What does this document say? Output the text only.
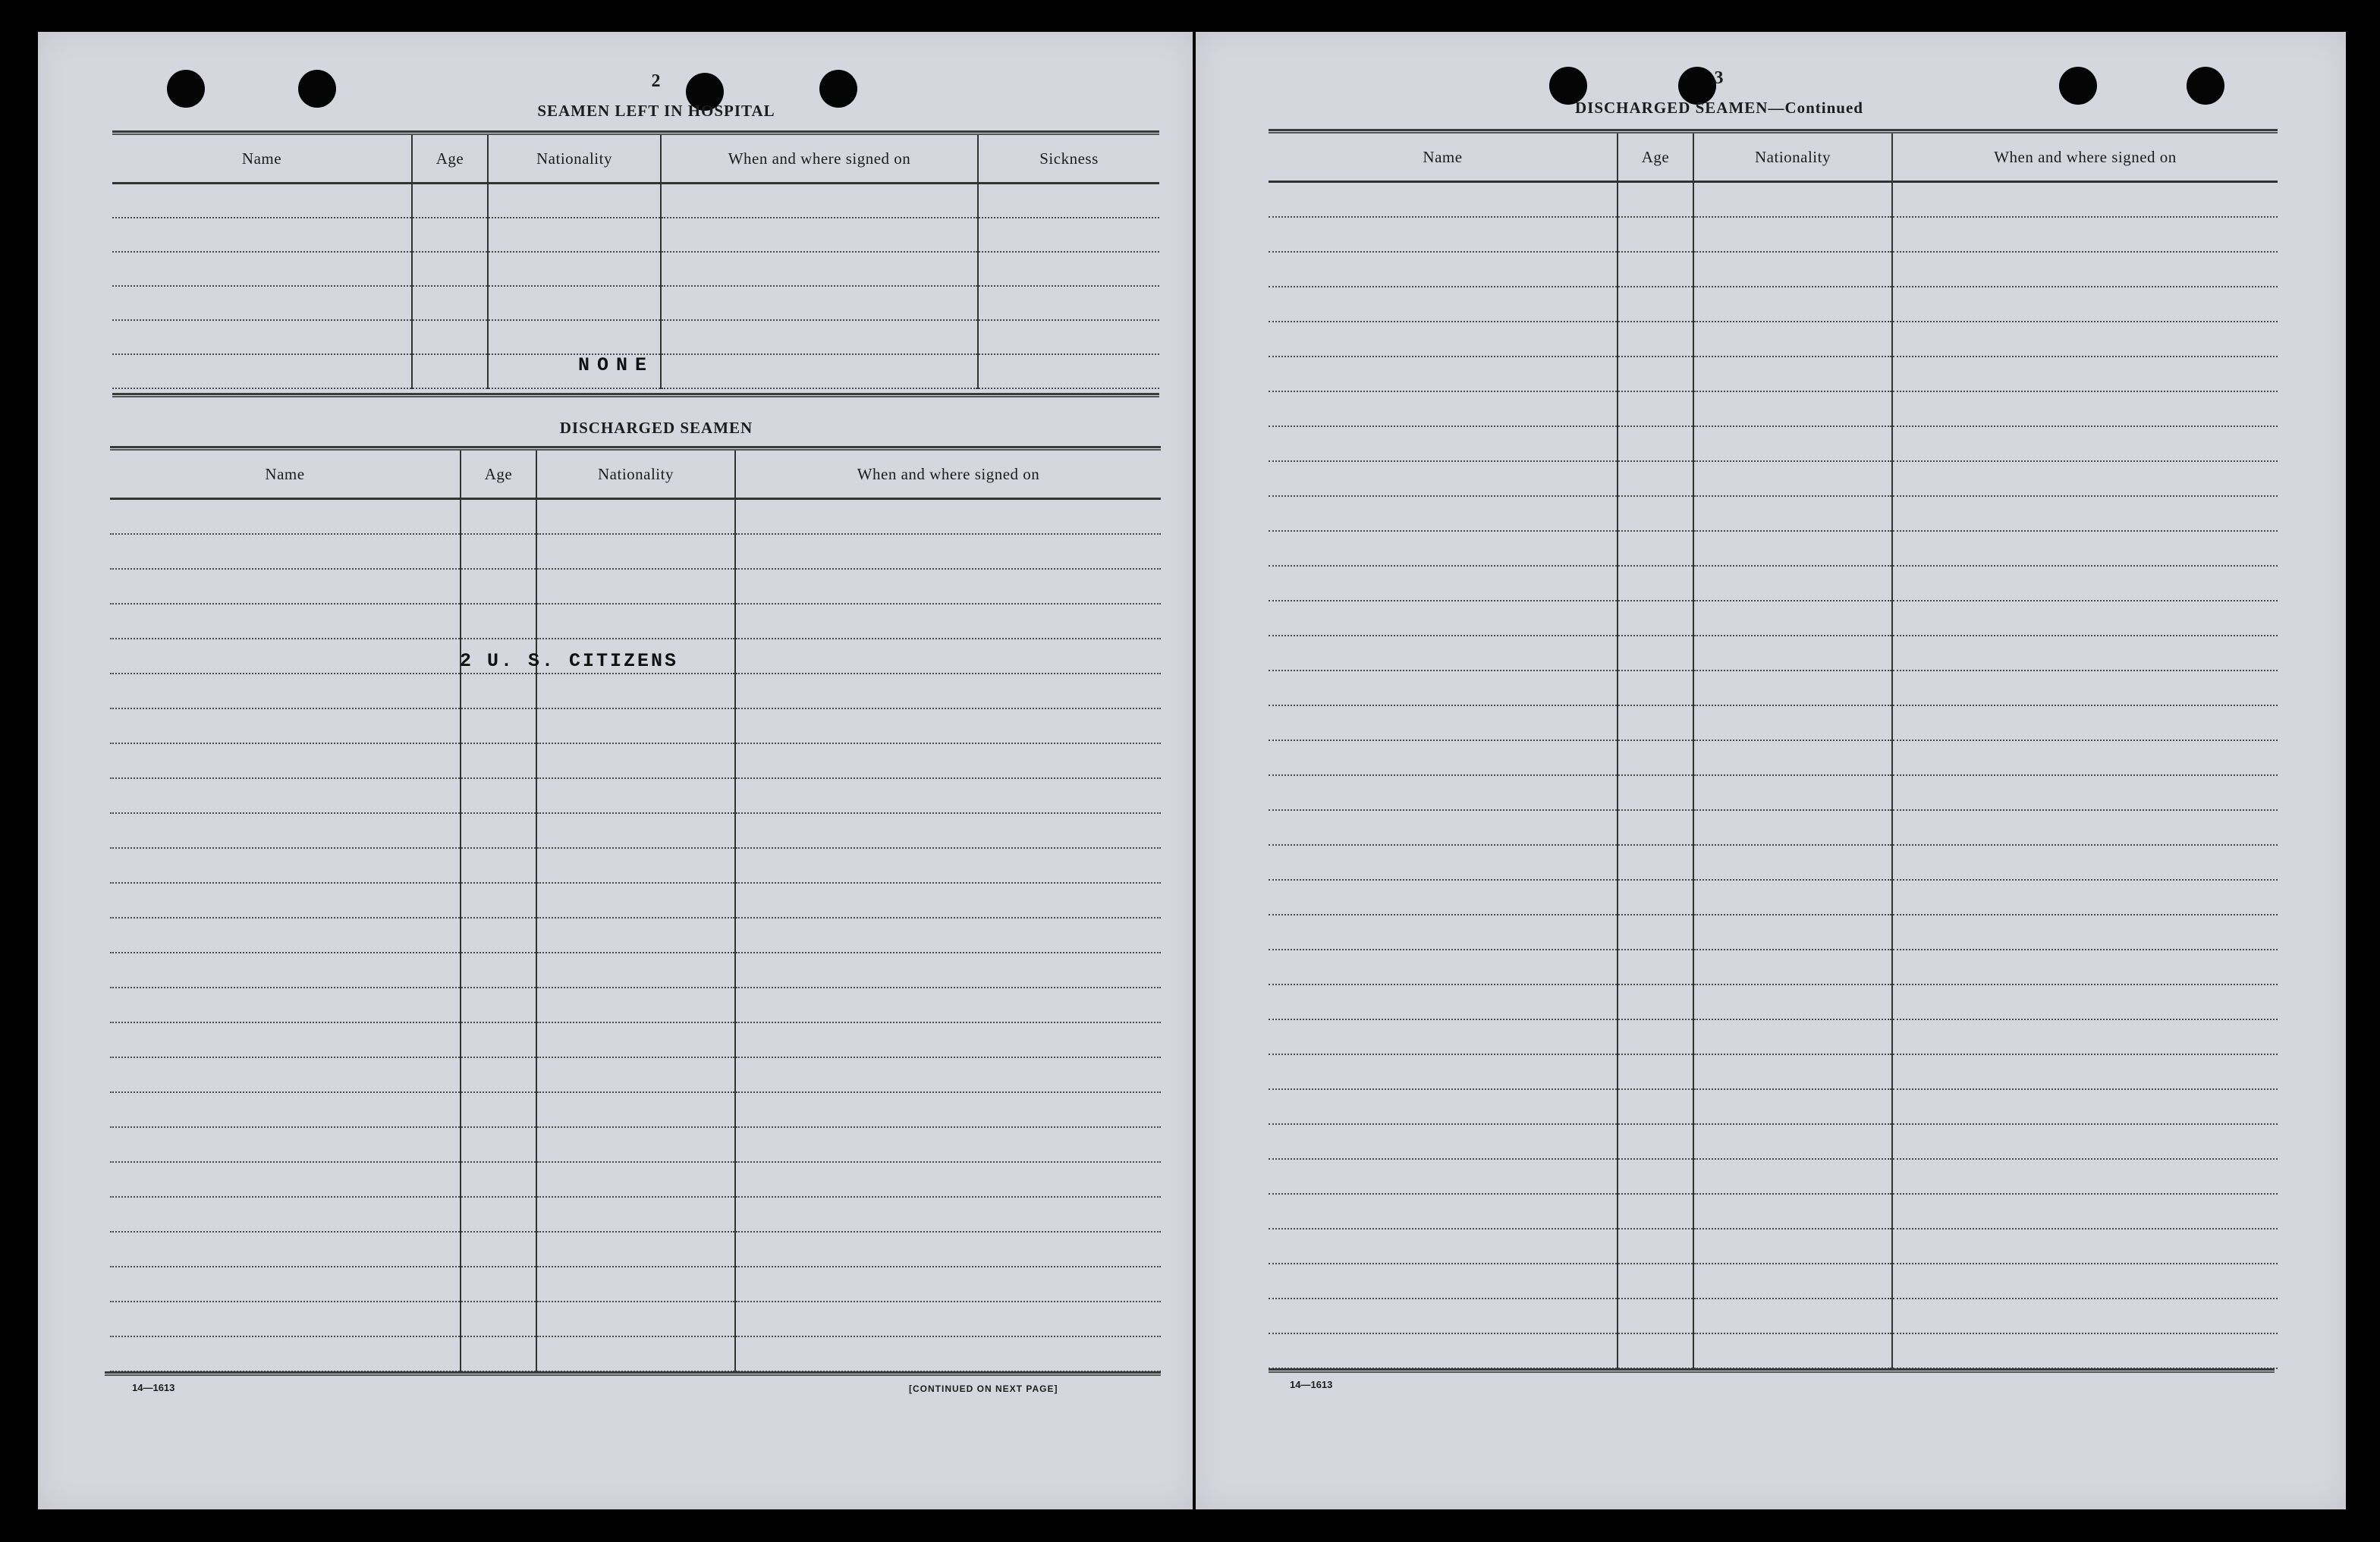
2
SEAMEN LEFT IN HOSPITAL
Name	Age	Nationality	When and where signed on	Sickness

NONE
DISCHARGED SEAMEN
Name	Age	Nationality	When and where signed on

2 U. S. CITIZENS
14—1613	[CONTINUED ON NEXT PAGE]
3
DISCHARGED SEAMEN—Continued
Name	Age	Nationality	When and where signed on

14—1613
